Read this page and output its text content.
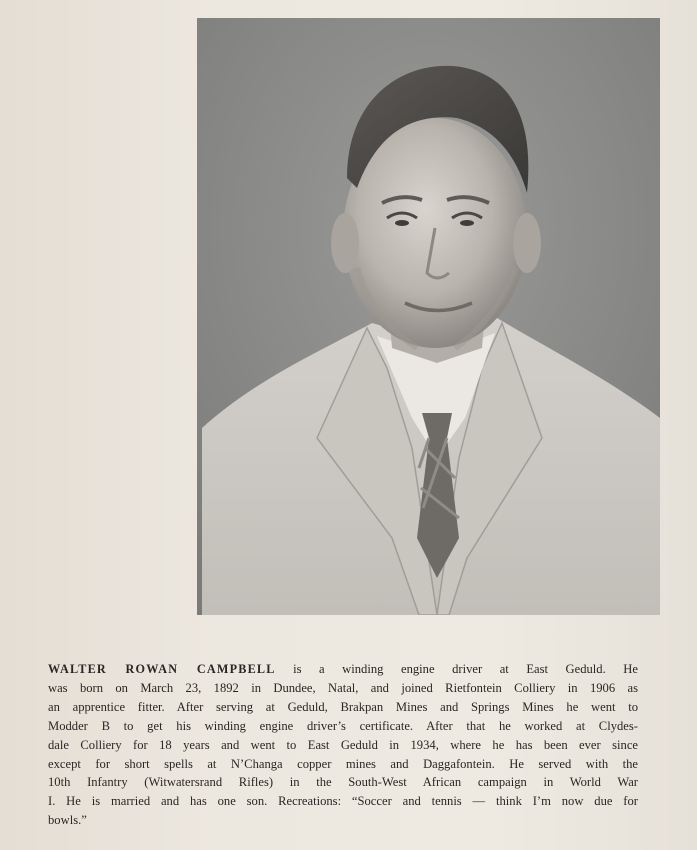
WALTER ROWAN CAMPBELL is a winding engine driver at East Geduld. He
was born on March 23, 1892 in Dundee, Natal, and joined Rietfontein Colliery in 1906 as
an apprentice fitter. After serving at Geduld, Brakpan Mines and Springs Mines he went to
Modder B to get his winding engine driver’s certificate. After that he worked at Clydes-
dale Colliery for 18 years and went to East Geduld in 1934, where he has been ever since
except for short spells at N’Changa copper mines and Daggafontein. He served with the
10th Infantry (Witwatersrand Rifles) in the South-West African campaign in World War
I. He is married and has one son. Recreations: “Soccer and tennis — think I’m now due for
bowls.”
